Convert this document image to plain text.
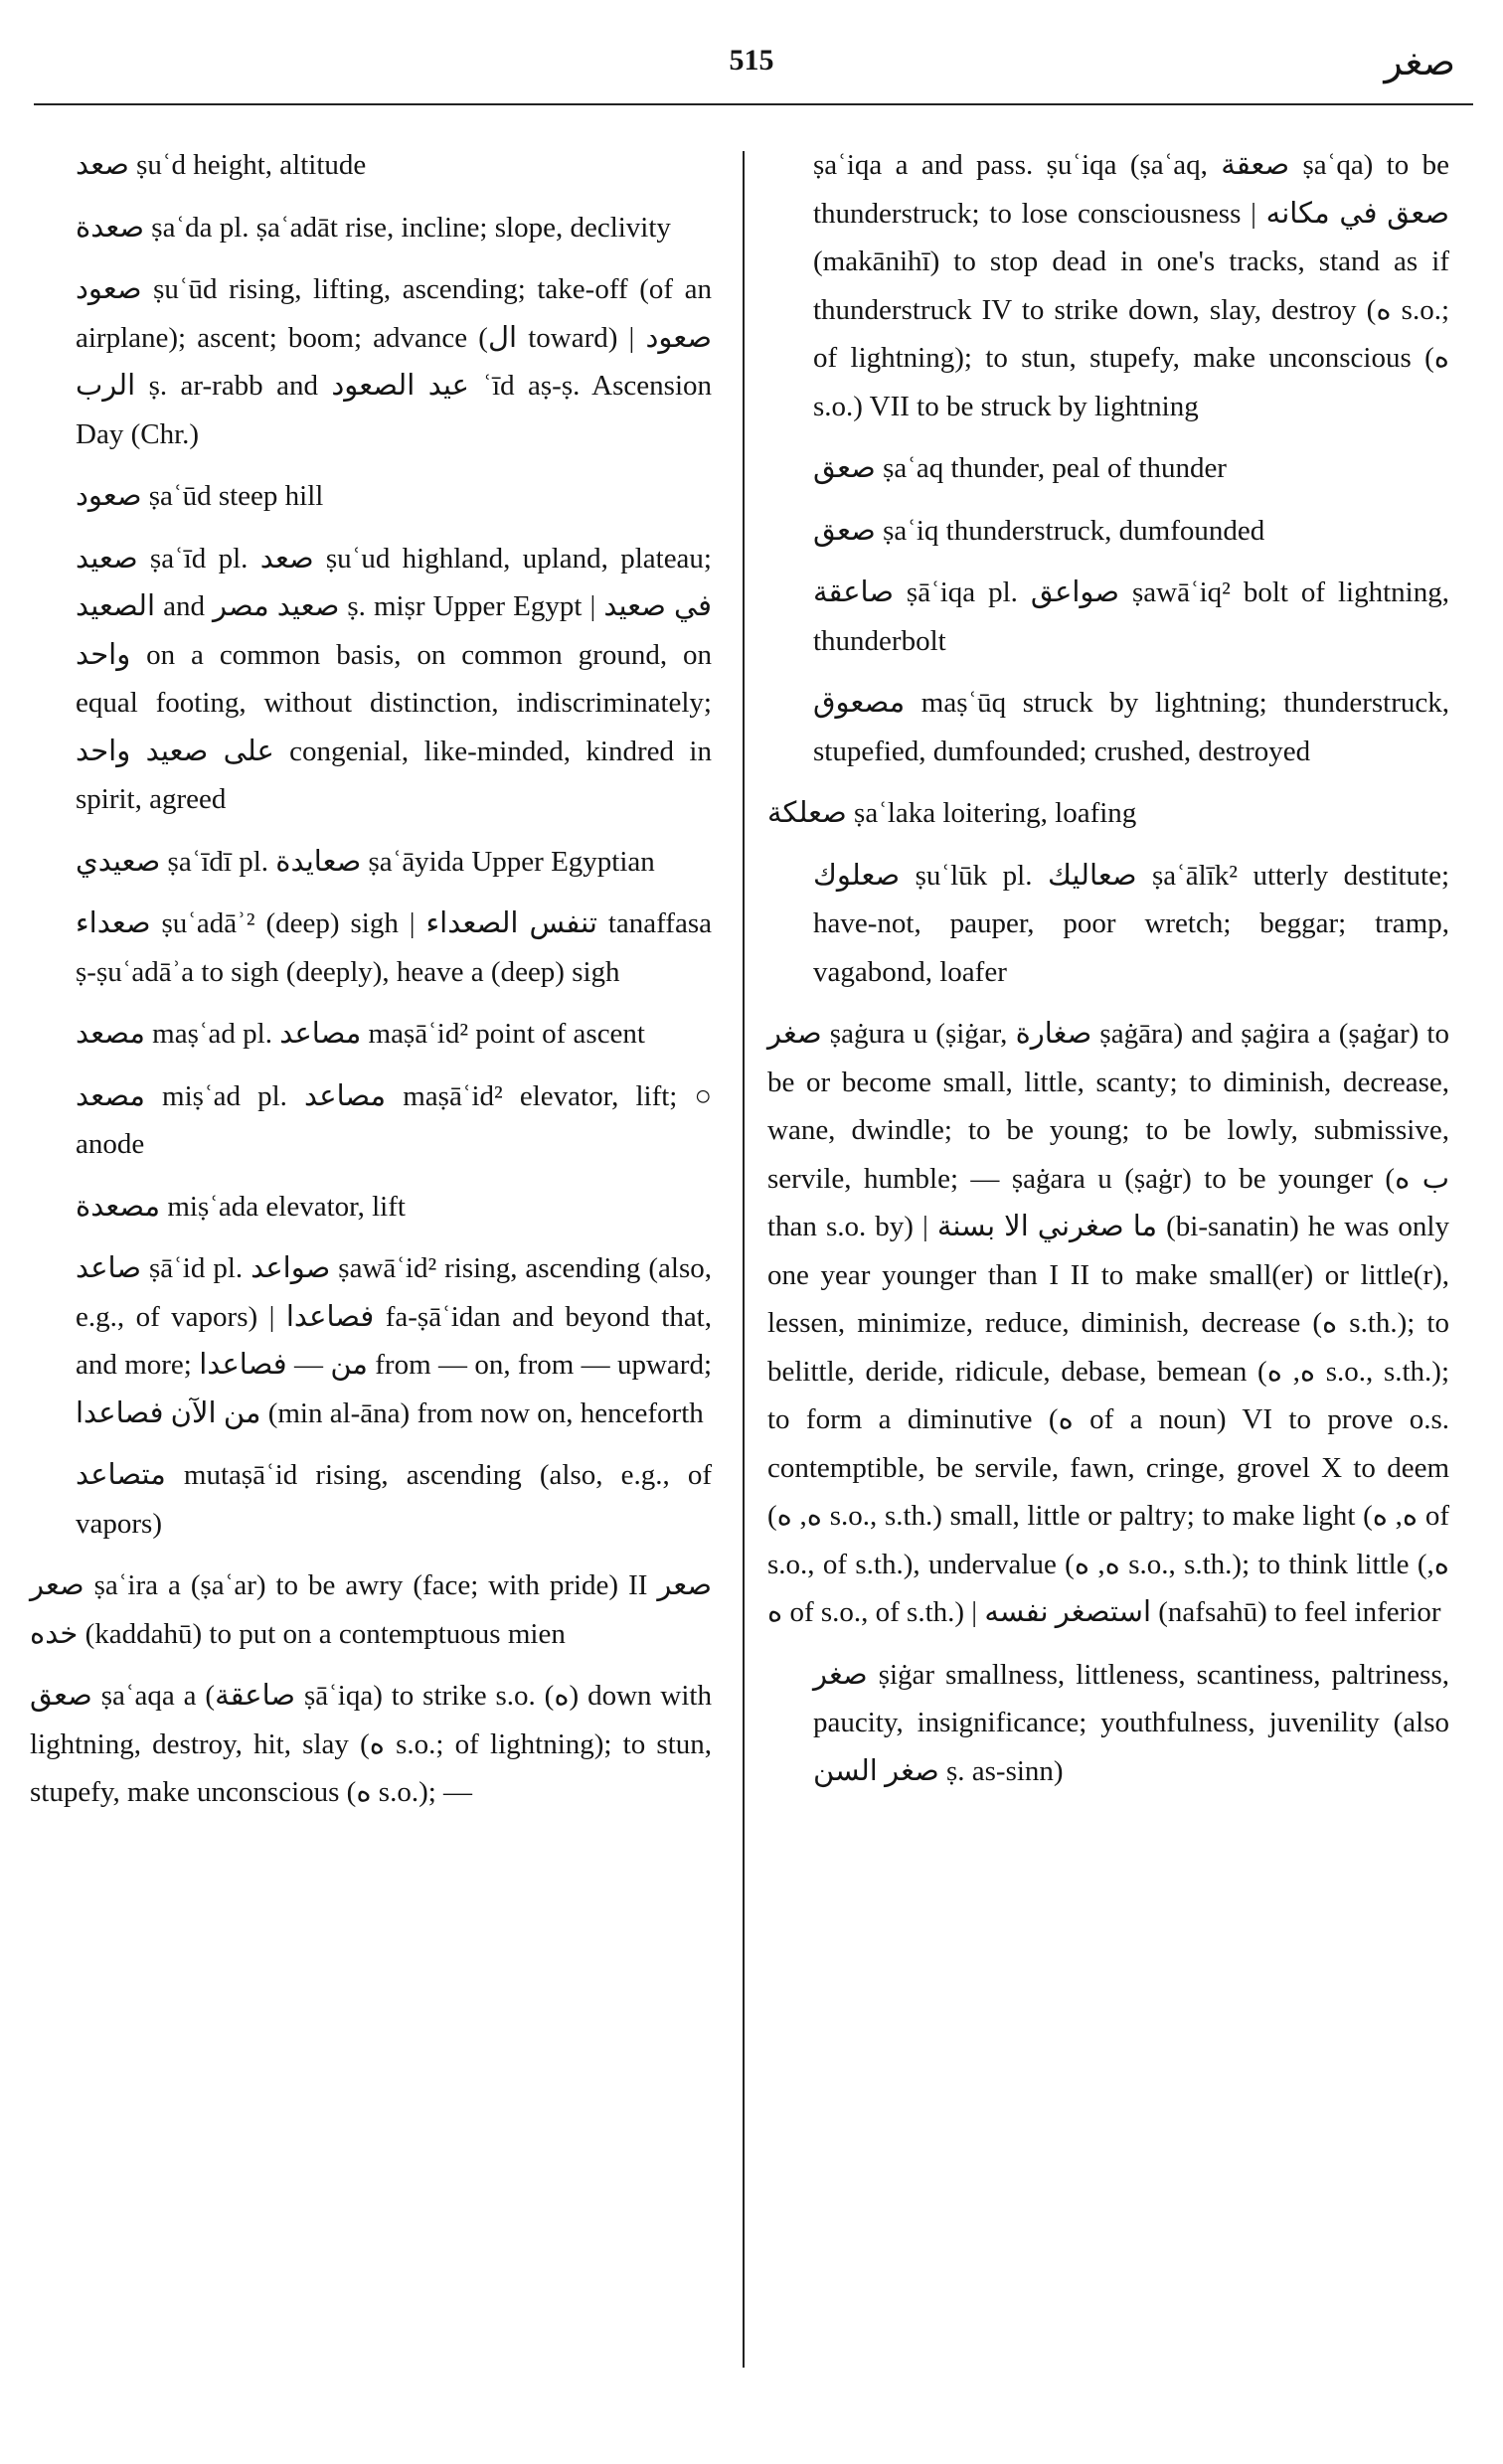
515	صغر

صعد ṣuʿd height, altitude

صعدة ṣaʿda pl. ṣaʿadāt rise, incline; slope, declivity

صعود ṣuʿūd rising, lifting, ascending; take-off (of an airplane); ascent; boom; advance (ال toward) | صعود الرب ṣ. ar-rabb and عيد الصعود ʿīd aṣ-ṣ. Ascension Day (Chr.)

صعود ṣaʿūd steep hill

صعيد ṣaʿīd pl. صعد ṣuʿud highland, upland, plateau; الصعيد and صعيد مصر ṣ. miṣr Upper Egypt | في صعيد واحد on a common basis, on common ground, on equal footing, without distinction, indiscriminately; على صعيد واحد congenial, like-minded, kindred in spirit, agreed

صعيدي ṣaʿīdī pl. صعايدة ṣaʿāyida Upper Egyptian

صعداء ṣuʿadāʾ² (deep) sigh | تنفس الصعداء tanaffasa ṣ-ṣuʿadāʾa to sigh (deeply), heave a (deep) sigh

مصعد maṣʿad pl. مصاعد maṣāʿid² point of ascent

مصعد miṣʿad pl. مصاعد maṣāʿid² elevator, lift; ○ anode

مصعدة miṣʿada elevator, lift

صاعد ṣāʿid pl. صواعد ṣawāʿid² rising, ascending (also, e.g., of vapors) | فصاعدا fa-ṣāʿidan and beyond that, and more; من — فصاعدا from — on, from — upward; من الآن فصاعدا (min al-āna) from now on, henceforth

متصاعد mutaṣāʿid rising, ascending (also, e.g., of vapors)

صعر ṣaʿira a (ṣaʿar) to be awry (face; with pride) II صعر خده (kaddahū) to put on a contemptuous mien

صعق ṣaʿaqa a (صاعقة ṣāʿiqa) to strike s.o. (ه) down with lightning, destroy, hit, slay (ه s.o.; of lightning); to stun, stupefy, make unconscious (ه s.o.); —

ṣaʿiqa a and pass. ṣuʿiqa (ṣaʿaq, صعقة ṣaʿqa) to be thunderstruck; to lose consciousness | صعق في مكانه (makānihī) to stop dead in one's tracks, stand as if thunderstruck IV to strike down, slay, destroy (ه s.o.; of lightning); to stun, stupefy, make unconscious (ه s.o.) VII to be struck by lightning

صعق ṣaʿaq thunder, peal of thunder

صعق ṣaʿiq thunderstruck, dumfounded

صاعقة ṣāʿiqa pl. صواعق ṣawāʿiq² bolt of lightning, thunderbolt

مصعوق maṣʿūq struck by lightning; thunderstruck, stupefied, dumfounded; crushed, destroyed

صعلكة ṣaʿlaka loitering, loafing

صعلوك ṣuʿlūk pl. صعاليك ṣaʿālīk² utterly destitute; have-not, pauper, poor wretch; beggar; tramp, vagabond, loafer

صغر ṣaġura u (ṣiġar, صغارة ṣaġāra) and ṣaġira a (ṣaġar) to be or become small, little, scanty; to diminish, decrease, wane, dwindle; to be young; to be lowly, submissive, servile, humble; — ṣaġara u (ṣaġr) to be younger (ب ه than s.o. by) | ما صغرني الا بسنة (bi-sanatin) he was only one year younger than I II to make small(er) or little(r), lessen, minimize, reduce, diminish, decrease (ه s.th.); to belittle, deride, ridicule, debase, bemean (ه, ه s.o., s.th.); to form a diminutive (ه of a noun) VI to prove o.s. contemptible, be servile, fawn, cringe, grovel X to deem (ه, ه s.o., s.th.) small, little or paltry; to make light (ه, ه of s.o., of s.th.), undervalue (ه, ه s.o., s.th.); to think little (ه, ه of s.o., of s.th.) | استصغر نفسه (nafsahū) to feel inferior

صغر ṣiġar smallness, littleness, scantiness, paltriness, paucity, insignificance; youthfulness, juvenility (also صغر السن ṣ. as-sinn)
